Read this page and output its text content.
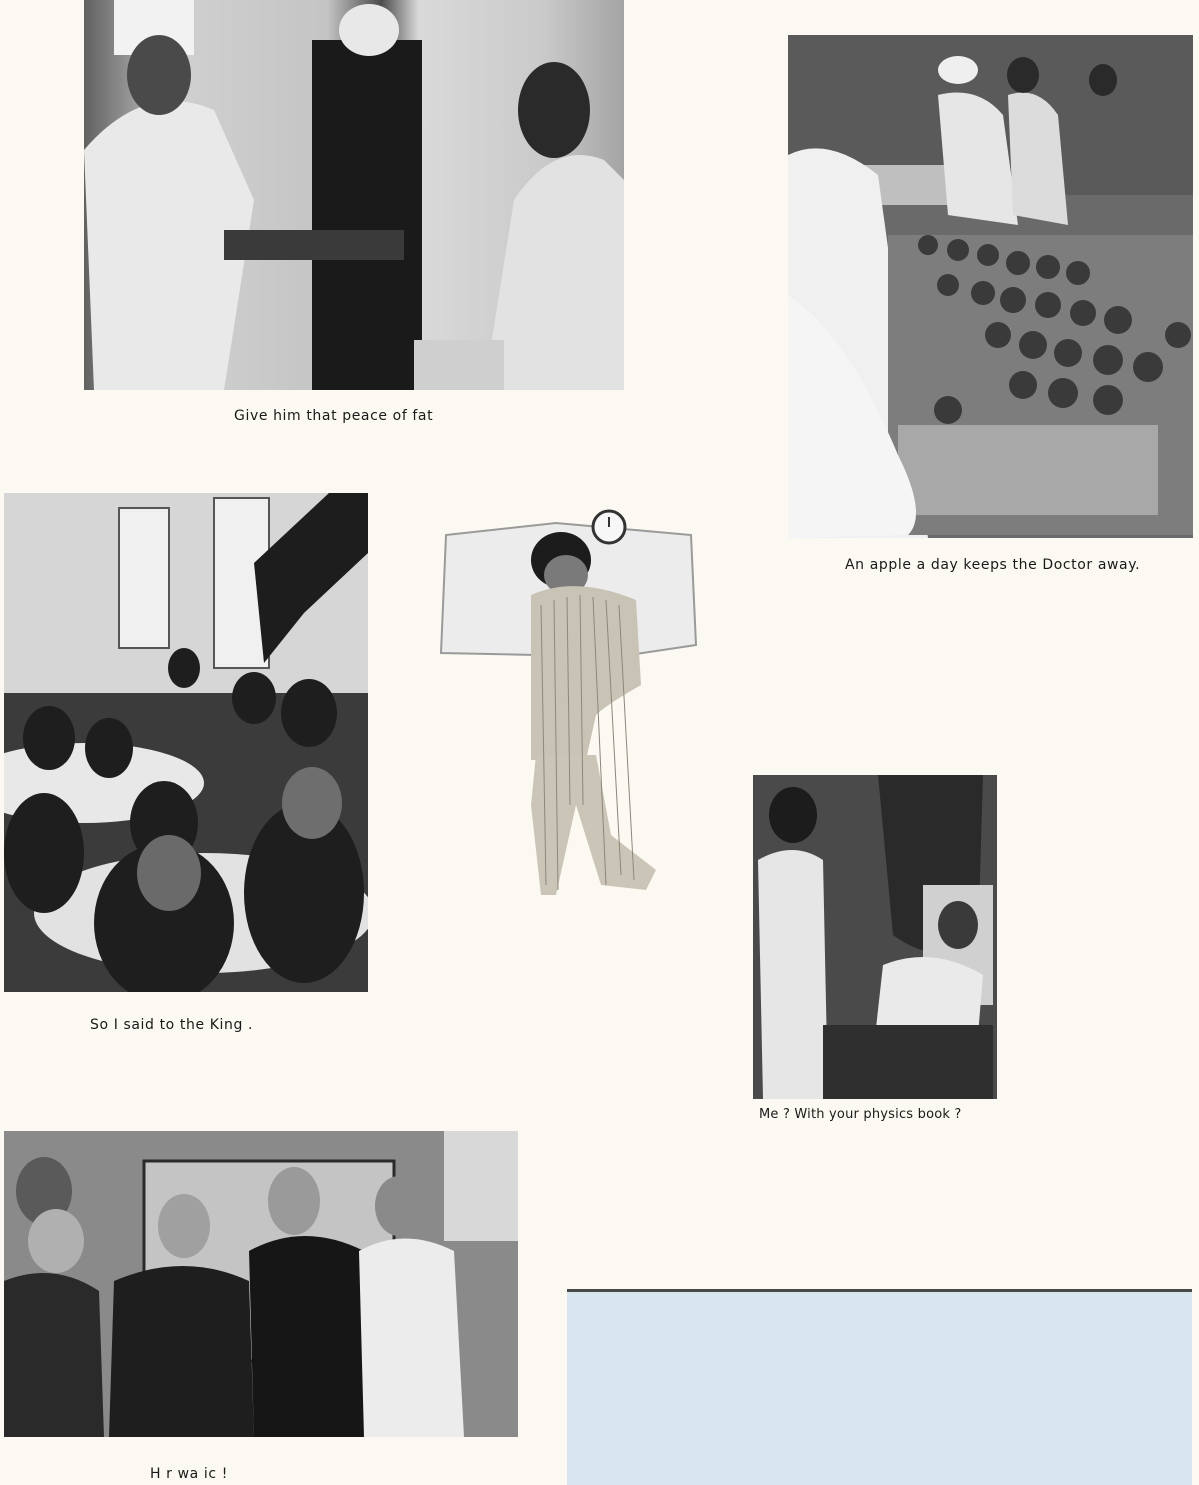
Give him that peace of fat
An apple a day keeps the Doctor away.
So I said to the King .
Me ? With your physics book ?
H r wa ic !
